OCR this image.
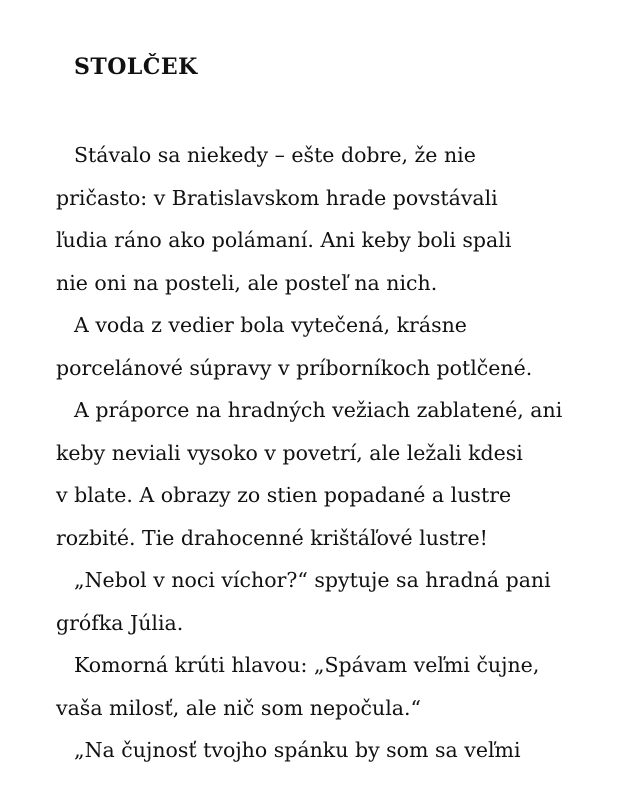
STOLČEK
Stávalo sa niekedy – ešte dobre, že nie
pričasto: v Bratislavskom hrade povstávali
ľudia ráno ako polámaní. Ani keby boli spali
nie oni na posteli, ale posteľ na nich.
A voda z vedier bola vytečená, krásne
porcelánové súpravy v príborníkoch potlčené.
A práporce na hradných vežiach zablatené, ani
keby neviali vysoko v povetrí, ale ležali kdesi
v blate. A obrazy zo stien popadané a lustre
rozbité. Tie drahocenné krištáľové lustre!
„Nebol v noci víchor?“ spytuje sa hradná pani
grófka Júlia.
Komorná krúti hlavou: „Spávam veľmi čujne,
vaša milosť, ale nič som nepočula.“
„Na čujnosť tvojho spánku by som sa veľmi
